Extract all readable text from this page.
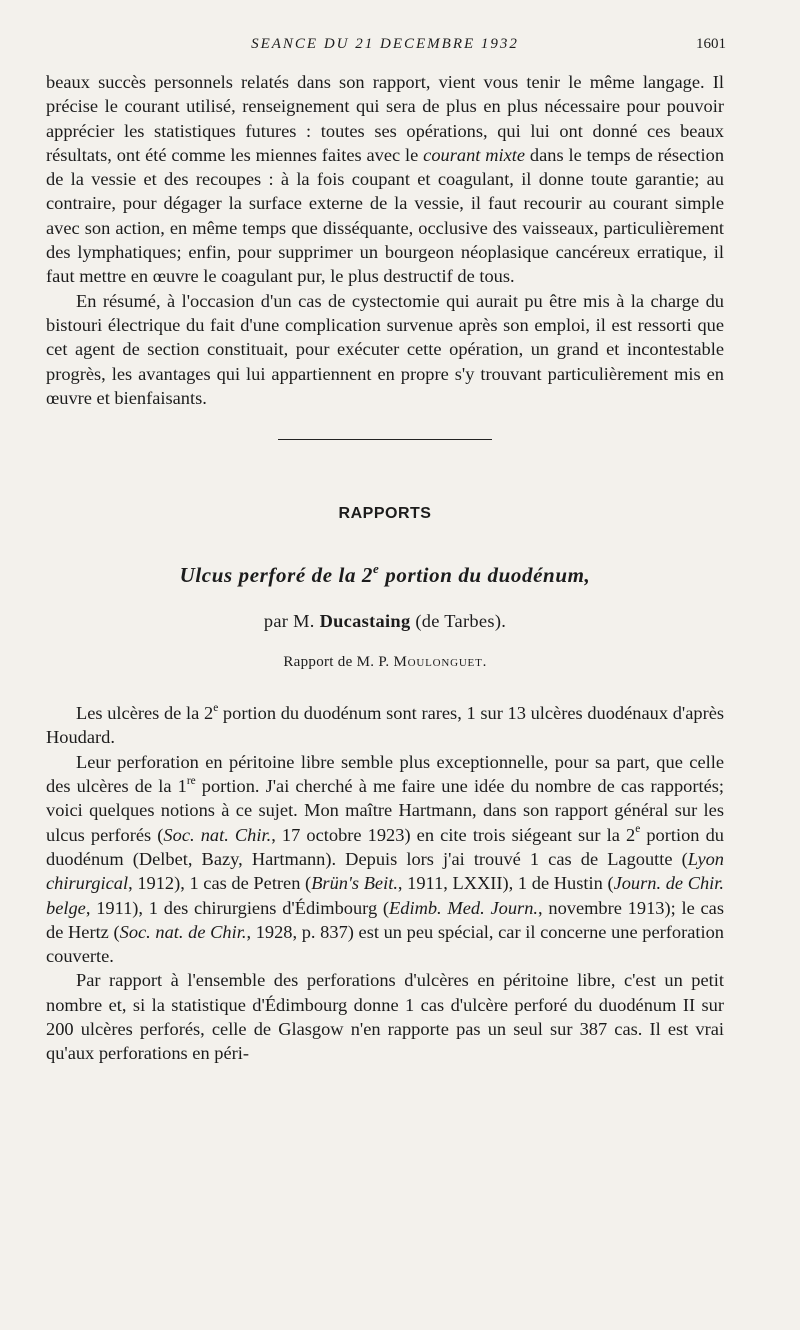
SEANCE DU 21 DECEMBRE 1932	1601

beaux succès personnels relatés dans son rapport, vient vous tenir le même langage. Il précise le courant utilisé, renseignement qui sera de plus en plus nécessaire pour pouvoir apprécier les statistiques futures : toutes ses opérations, qui lui ont donné ces beaux résultats, ont été comme les miennes faites avec le courant mixte dans le temps de résection de la vessie et des recoupes : à la fois coupant et coagulant, il donne toute garantie; au contraire, pour dégager la surface externe de la vessie, il faut recourir au courant simple avec son action, en même temps que disséquante, occlusive des vaisseaux, particulièrement des lymphatiques; enfin, pour supprimer un bourgeon néoplasique cancéreux erratique, il faut mettre en œuvre le coagulant pur, le plus destructif de tous.

En résumé, à l'occasion d'un cas de cystectomie qui aurait pu être mis à la charge du bistouri électrique du fait d'une complication survenue après son emploi, il est ressorti que cet agent de section constituait, pour exécuter cette opération, un grand et incontestable progrès, les avantages qui lui appartiennent en propre s'y trouvant particulièrement mis en œuvre et bienfaisants.

RAPPORTS
Ulcus perforé de la 2e portion du duodénum,
par M. Ducastaing (de Tarbes).
Rapport de M. P. Moulonguet.

Les ulcères de la 2e portion du duodénum sont rares, 1 sur 13 ulcères duodénaux d'après Houdard.

Leur perforation en péritoine libre semble plus exceptionnelle, pour sa part, que celle des ulcères de la 1re portion. J'ai cherché à me faire une idée du nombre de cas rapportés; voici quelques notions à ce sujet. Mon maître Hartmann, dans son rapport général sur les ulcus perforés (Soc. nat. Chir., 17 octobre 1923) en cite trois siégeant sur la 2e portion du duodénum (Delbet, Bazy, Hartmann). Depuis lors j'ai trouvé 1 cas de Lagoutte (Lyon chirurgical, 1912), 1 cas de Petren (Brün's Beit., 1911, LXXII), 1 de Hustin (Journ. de Chir. belge, 1911), 1 des chirurgiens d'Édimbourg (Edimb. Med. Journ., novembre 1913); le cas de Hertz (Soc. nat. de Chir., 1928, p. 837) est un peu spécial, car il concerne une perforation couverte.

Par rapport à l'ensemble des perforations d'ulcères en péritoine libre, c'est un petit nombre et, si la statistique d'Édimbourg donne 1 cas d'ulcère perforé du duodénum II sur 200 ulcères perforés, celle de Glasgow n'en rapporte pas un seul sur 387 cas. Il est vrai qu'aux perforations en péri-
